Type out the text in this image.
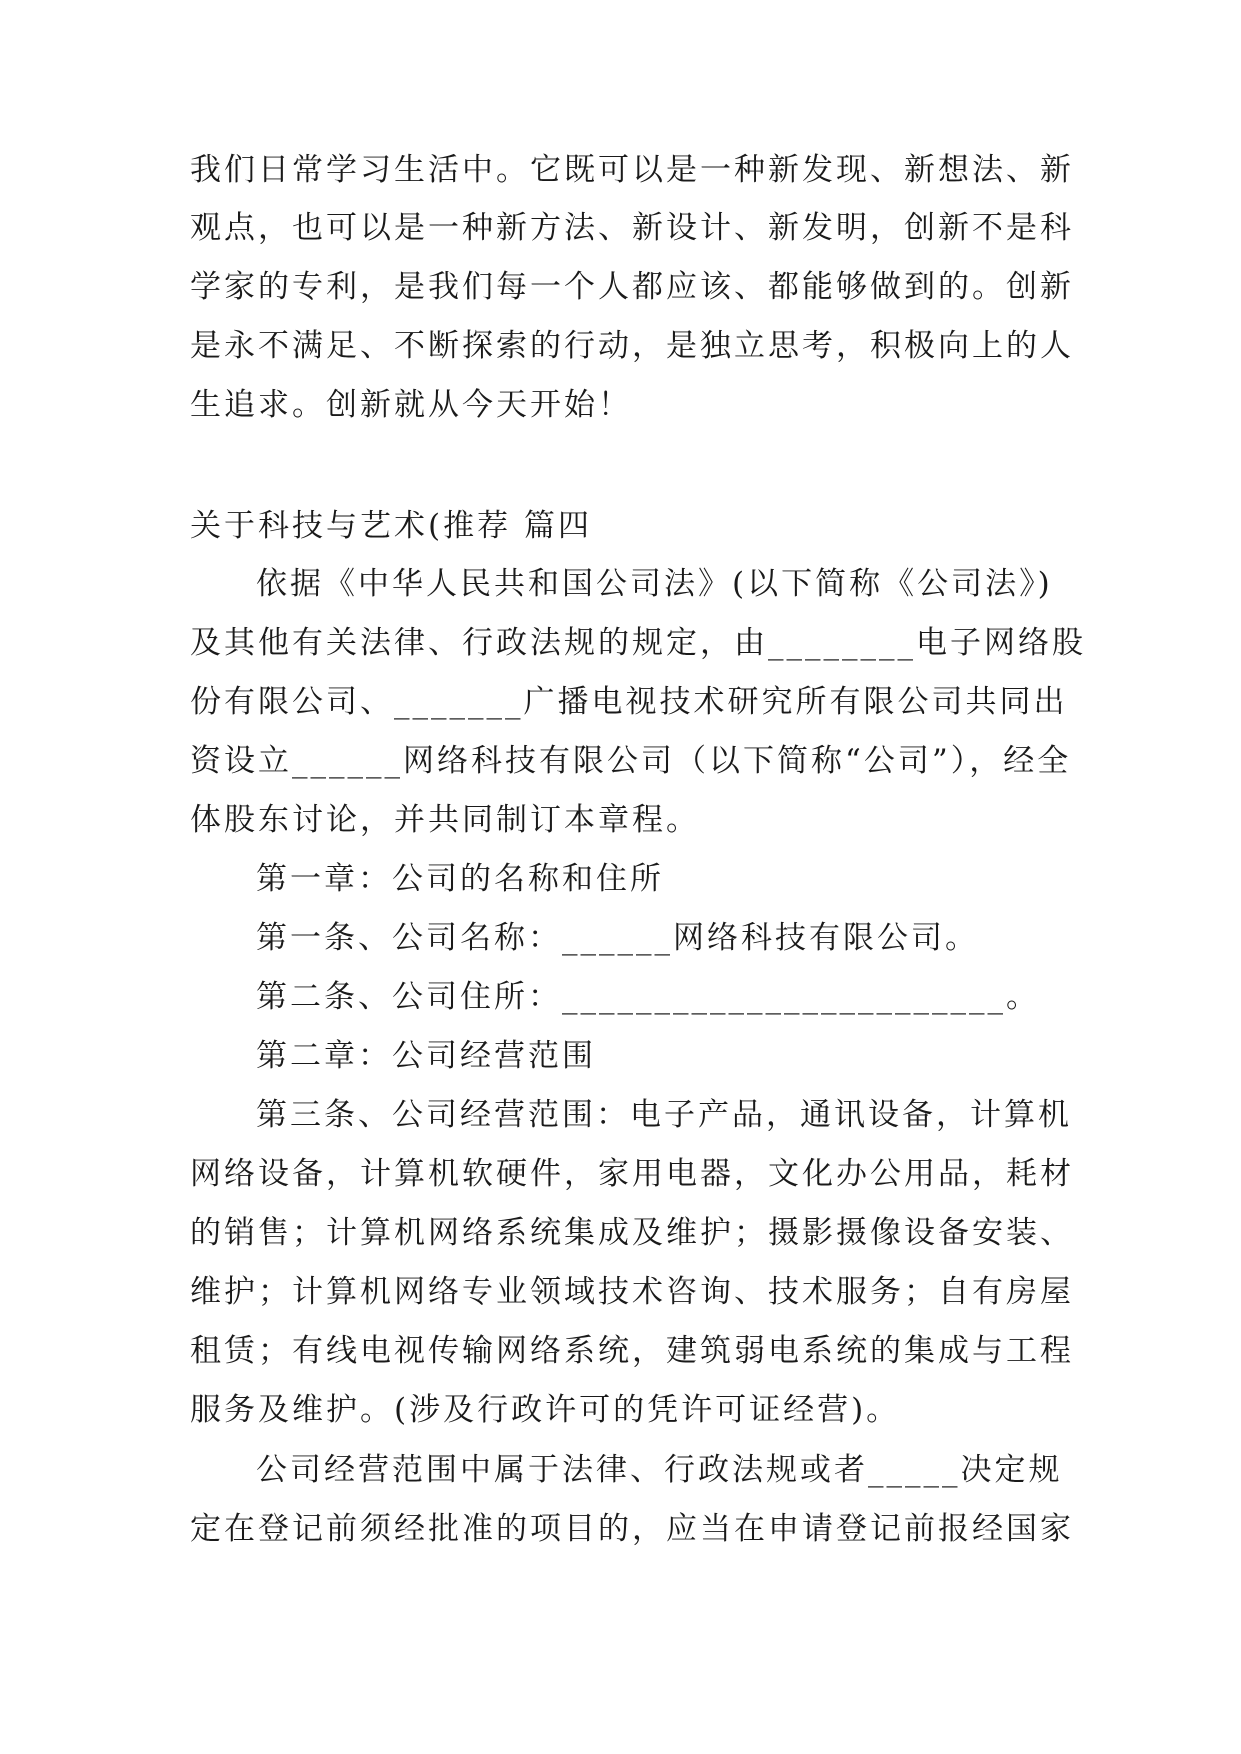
我们日常学习生活中。它既可以是一种新发现、新想法、新
观点，也可以是一种新方法、新设计、新发明，创新不是科
学家的专利，是我们每一个人都应该、都能够做到的。创新
是永不满足、不断探索的行动，是独立思考，积极向上的人
生追求。创新就从今天开始！
关于科技与艺术(推荐 篇四
依据《中华人民共和国公司法》(以下简称《公司法》)
及其他有关法律、行政法规的规定，由________电子网络股
份有限公司、_______广播电视技术研究所有限公司共同出
资设立______网络科技有限公司（以下简称“公司”），经全
体股东讨论，并共同制订本章程。
第一章：公司的名称和住所
第一条、公司名称：______网络科技有限公司。
第二条、公司住所：________________________。
第二章：公司经营范围
第三条、公司经营范围：电子产品，通讯设备，计算机
网络设备，计算机软硬件，家用电器，文化办公用品，耗材
的销售；计算机网络系统集成及维护；摄影摄像设备安装、
维护；计算机网络专业领域技术咨询、技术服务；自有房屋
租赁；有线电视传输网络系统，建筑弱电系统的集成与工程
服务及维护。(涉及行政许可的凭许可证经营)。
公司经营范围中属于法律、行政法规或者_____决定规
定在登记前须经批准的项目的，应当在申请登记前报经国家
